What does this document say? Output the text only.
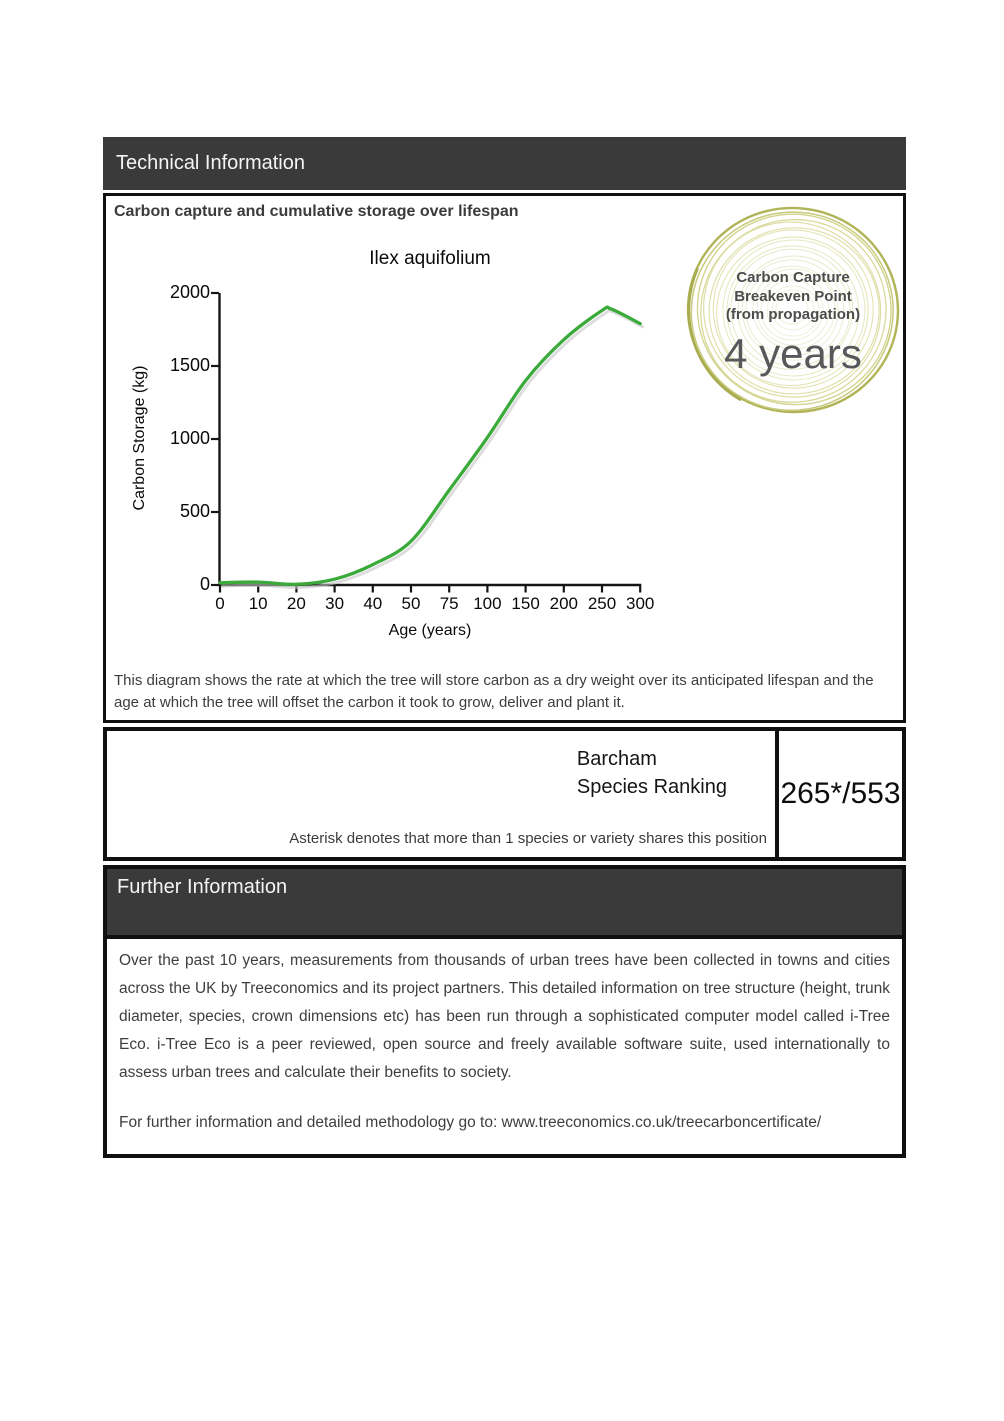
Technical Information
Carbon capture and cumulative storage over lifespan
Ilex aquifolium
Carbon Storage (kg)
Age (years)
0 10 20 30 40 50 75 100 150 200 250 300
0
500
1000
1500
2000
Carbon Capture
Breakeven Point
(from propagation)
4 years
This diagram shows the rate at which the tree will store carbon as a dry weight over its anticipated lifespan and the age at which the tree will offset the carbon it took to grow, deliver and plant it.
Barcham
Species Ranking
Asterisk denotes that more than 1 species or variety shares this position
265*/553
Further Information
Over the past 10 years, measurements from thousands of urban trees have been collected in towns and cities across the UK by Treeconomics and its project partners. This detailed information on tree structure (height, trunk diameter, species, crown dimensions etc) has been run through a sophisticated computer model called i-Tree Eco. i-Tree Eco is a peer reviewed, open source and freely available software suite, used internationally to assess urban trees and calculate their benefits to society.
For further information and detailed methodology go to: www.treeconomics.co.uk/treecarboncertificate/
